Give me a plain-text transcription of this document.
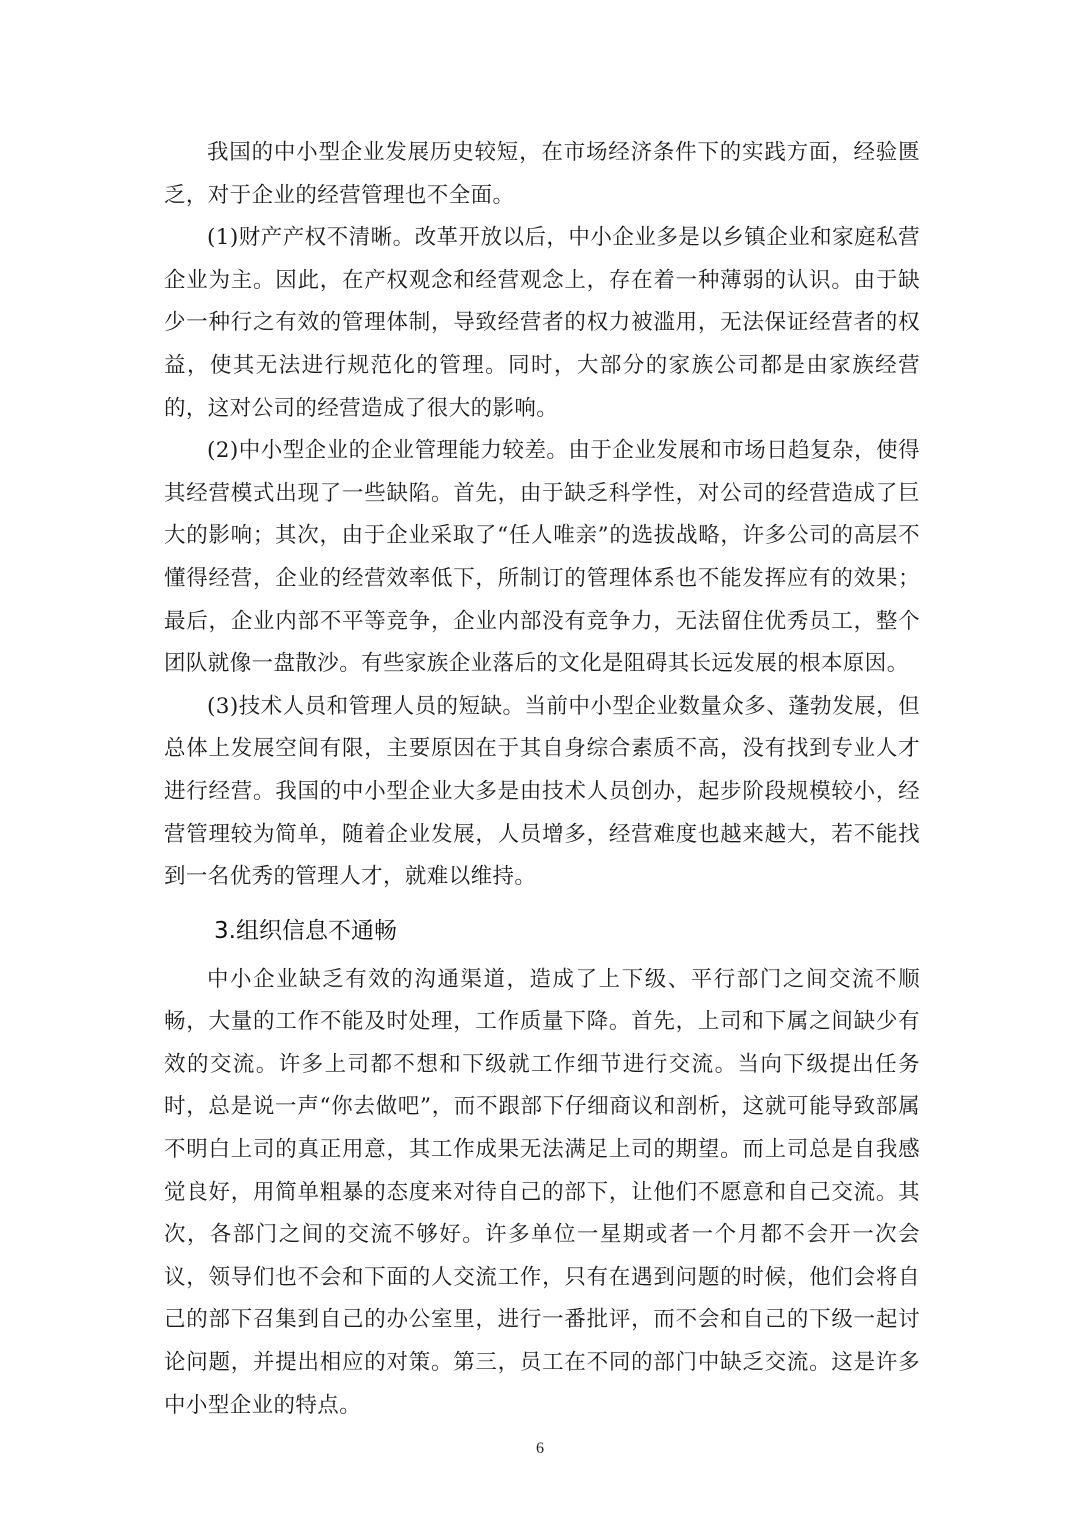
我国的中小型企业发展历史较短，在市场经济条件下的实践方面，经验匮乏，对于企业的经营管理也不全面。

(1)财产产权不清晰。改革开放以后，中小企业多是以乡镇企业和家庭私营企业为主。因此，在产权观念和经营观念上，存在着一种薄弱的认识。由于缺少一种行之有效的管理体制，导致经营者的权力被滥用，无法保证经营者的权益，使其无法进行规范化的管理。同时，大部分的家族公司都是由家族经营的，这对公司的经营造成了很大的影响。

(2)中小型企业的企业管理能力较差。由于企业发展和市场日趋复杂，使得其经营模式出现了一些缺陷。首先，由于缺乏科学性，对公司的经营造成了巨大的影响；其次，由于企业采取了“任人唯亲”的选拔战略，许多公司的高层不懂得经营，企业的经营效率低下，所制订的管理体系也不能发挥应有的效果；最后，企业内部不平等竞争，企业内部没有竞争力，无法留住优秀员工，整个团队就像一盘散沙。有些家族企业落后的文化是阻碍其长远发展的根本原因。

(3)技术人员和管理人员的短缺。当前中小型企业数量众多、蓬勃发展，但总体上发展空间有限，主要原因在于其自身综合素质不高，没有找到专业人才进行经营。我国的中小型企业大多是由技术人员创办，起步阶段规模较小，经营管理较为简单，随着企业发展，人员增多，经营难度也越来越大，若不能找到一名优秀的管理人才，就难以维持。

3.组织信息不通畅

中小企业缺乏有效的沟通渠道，造成了上下级、平行部门之间交流不顺畅，大量的工作不能及时处理，工作质量下降。首先，上司和下属之间缺少有效的交流。许多上司都不想和下级就工作细节进行交流。当向下级提出任务时，总是说一声“你去做吧”，而不跟部下仔细商议和剖析，这就可能导致部属不明白上司的真正用意，其工作成果无法满足上司的期望。而上司总是自我感觉良好，用简单粗暴的态度来对待自己的部下，让他们不愿意和自己交流。其次，各部门之间的交流不够好。许多单位一星期或者一个月都不会开一次会议，领导们也不会和下面的人交流工作，只有在遇到问题的时候，他们会将自己的部下召集到自己的办公室里，进行一番批评，而不会和自己的下级一起讨论问题，并提出相应的对策。第三，员工在不同的部门中缺乏交流。这是许多中小型企业的特点。

6
